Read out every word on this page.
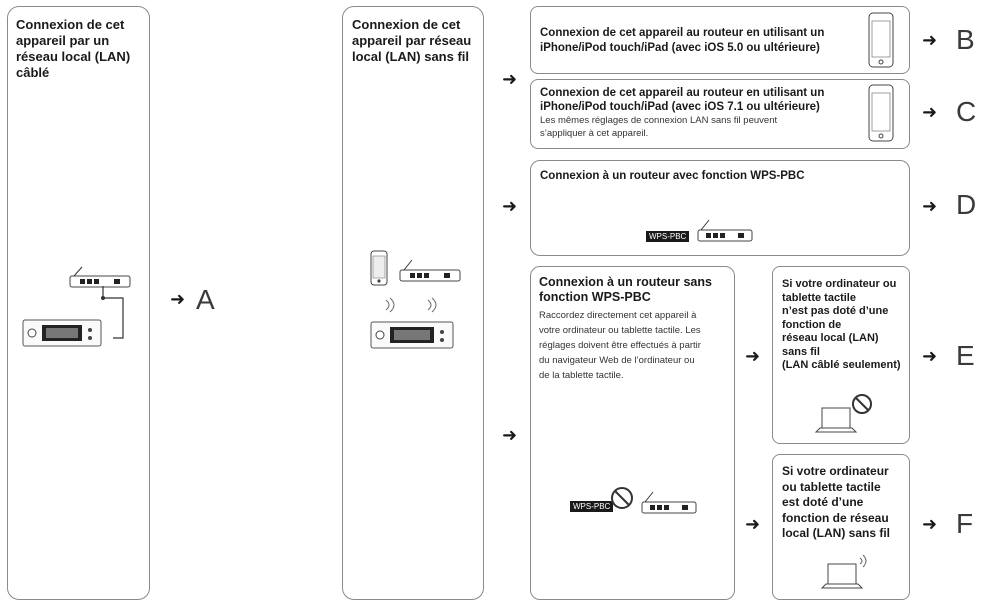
Connexion de cet
appareil par un
réseau local (LAN)
câblé
➜ A
Connexion de cet
appareil par réseau
local (LAN) sans fil
➜
➜
➜
Connexion de cet appareil au routeur en utilisant un
iPhone/iPod touch/iPad (avec iOS 5.0 ou ultérieure)	➜ B
Connexion de cet appareil au routeur en utilisant un
iPhone/iPod touch/iPad (avec iOS 7.1 ou ultérieure)
Les mêmes réglages de connexion LAN sans fil peuvent
s’appliquer à cet appareil.
➜ C
Connexion à un routeur avec fonction WPS-PBC
WPS-PBC
➜ D
Connexion à un routeur sans
fonction WPS-PBC
Raccordez directement cet appareil à
votre ordinateur ou tablette tactile. Les
réglages doivent être effectués à partir
du navigateur Web de l’ordinateur ou
de la tablette tactile.
WPS-PBC
➜
➜
Si votre ordinateur ou
tablette tactile
n’est pas doté d’une
fonction de
réseau local (LAN)
sans fil
(LAN câblé seulement) ➜ E
Si votre ordinateur
ou tablette tactile
est doté d’une
fonction de réseau
local (LAN) sans fil ➜ F
